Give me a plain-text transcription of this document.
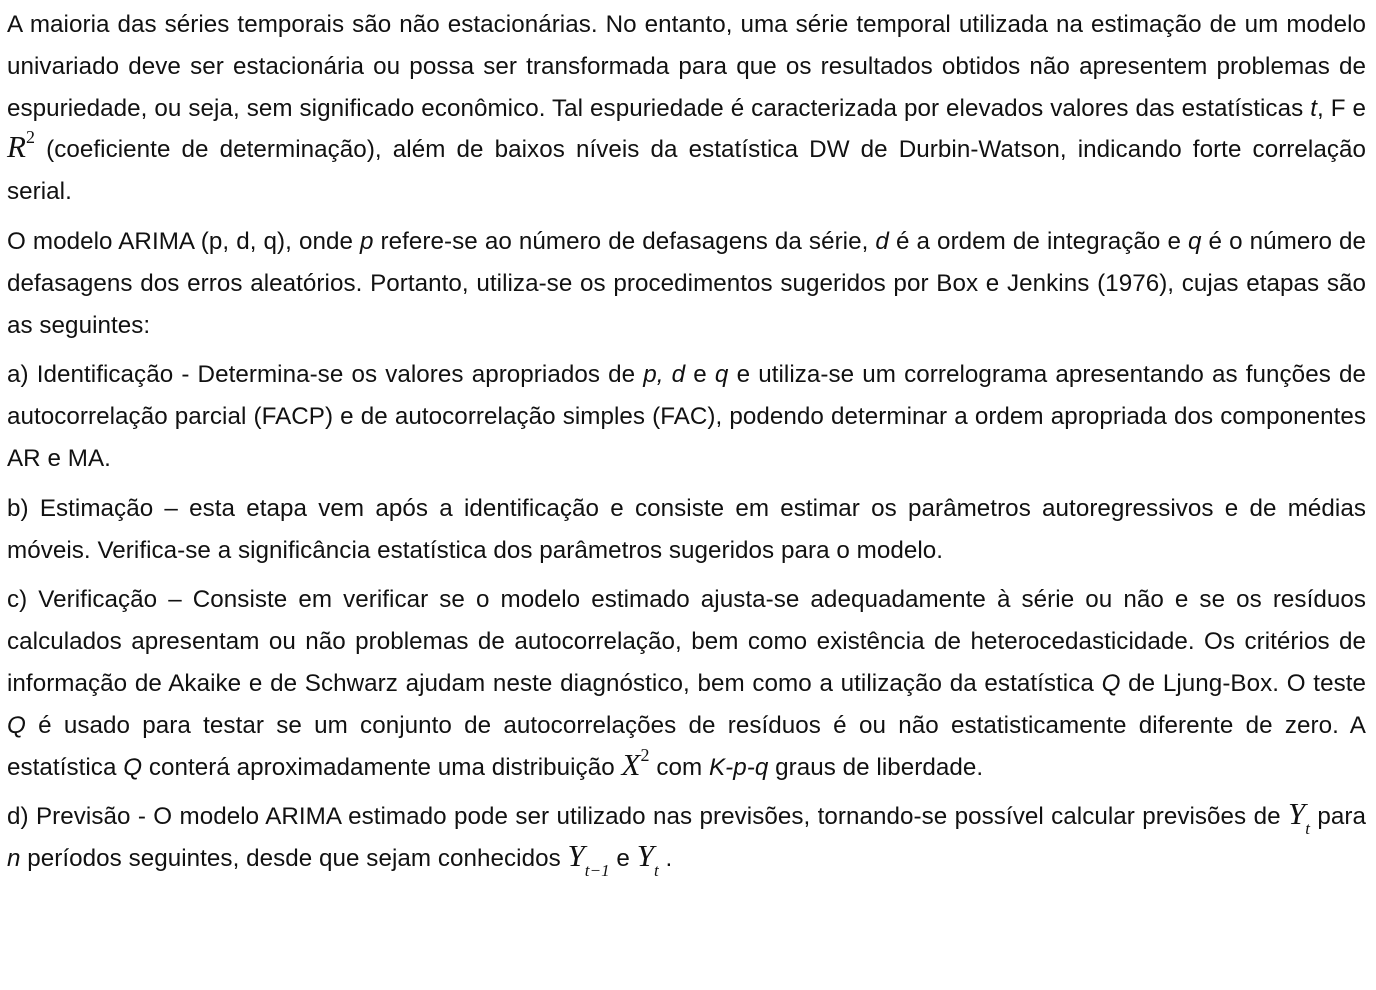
A maioria das séries temporais são não estacionárias. No entanto, uma série temporal utilizada na estimação de um modelo univariado deve ser estacionária ou possa ser transformada para que os resultados obtidos não apresentem problemas de espuriedade, ou seja, sem significado econômico. Tal espuriedade é caracterizada por elevados valores das estatísticas t, F e $R^2$ (coeficiente de determinação), além de baixos níveis da estatística DW de Durbin-Watson, indicando forte correlação serial.

O modelo ARIMA (p, d, q), onde p refere-se ao número de defasagens da série, d é a ordem de integração e q é o número de defasagens dos erros aleatórios. Portanto, utiliza-se os procedimentos sugeridos por Box e Jenkins (1976), cujas etapas são as seguintes:

a) Identificação - Determina-se os valores apropriados de p, d e q e utiliza-se um correlograma apresentando as funções de autocorrelação parcial (FACP) e de autocorrelação simples (FAC), podendo determinar a ordem apropriada dos componentes AR e MA.

b) Estimação – esta etapa vem após a identificação e consiste em estimar os parâmetros autoregressivos e de médias móveis. Verifica-se a significância estatística dos parâmetros sugeridos para o modelo.

c) Verificação – Consiste em verificar se o modelo estimado ajusta-se adequadamente à série ou não e se os resíduos calculados apresentam ou não problemas de autocorrelação, bem como existência de heterocedasticidade. Os critérios de informação de Akaike e de Schwarz ajudam neste diagnóstico, bem como a utilização da estatística Q de Ljung-Box. O teste Q é usado para testar se um conjunto de autocorrelações de resíduos é ou não estatisticamente diferente de zero. A estatística Q conterá aproximadamente uma distribuição $X^2$ com K-p-q graus de liberdade.

d) Previsão - O modelo ARIMA estimado pode ser utilizado nas previsões, tornando-se possível calcular previsões de $Y_t$ para n períodos seguintes, desde que sejam conhecidos $Y_{t-1}$ e $Y_t$ .
